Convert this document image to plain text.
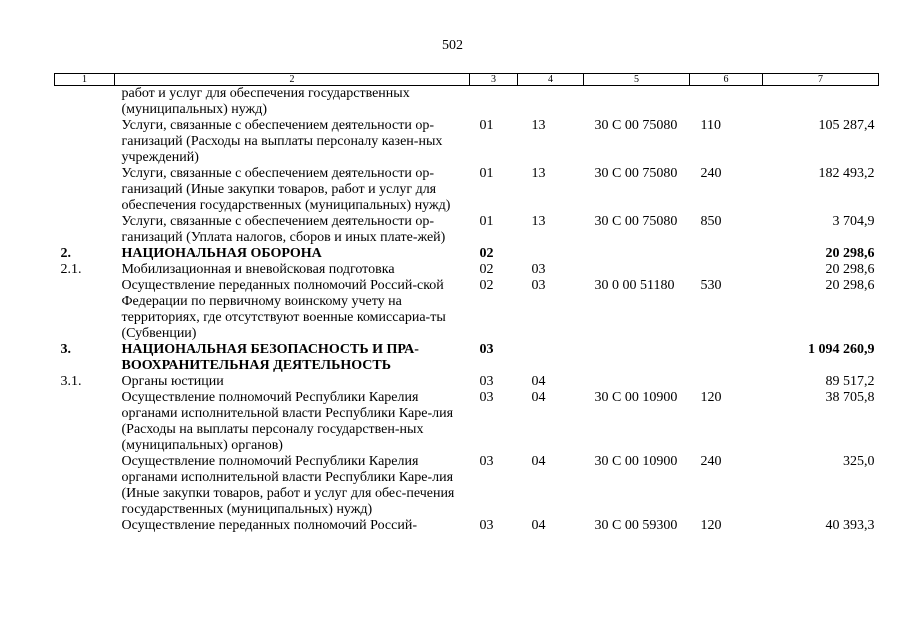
502
1	2	3	4	5	6	7
	работ и услуг для обеспечения государственных (муниципальных) нужд)					
	Услуги, связанные с обеспечением деятельности ор-ганизаций (Расходы на выплаты персоналу казен-ных учреждений)	01	13	30 С 00 75080	110	105 287,4
	Услуги, связанные с обеспечением деятельности ор-ганизаций (Иные закупки товаров, работ и услуг для обеспечения государственных (муниципальных) нужд)	01	13	30 С 00 75080	240	182 493,2
	Услуги, связанные с обеспечением деятельности ор-ганизаций (Уплата налогов, сборов и иных плате-жей)	01	13	30 С 00 75080	850	3 704,9
2.	НАЦИОНАЛЬНАЯ ОБОРОНА	02				20 298,6
2.1.	Мобилизационная и вневойсковая подготовка	02	03			20 298,6
	Осуществление переданных полномочий Россий-ской Федерации по первичному воинскому учету на территориях, где отсутствуют военные комиссариа-ты (Субвенции)	02	03	30 0 00 51180	530	20 298,6
3.	НАЦИОНАЛЬНАЯ БЕЗОПАСНОСТЬ И ПРА-ВООХРАНИТЕЛЬНАЯ ДЕЯТЕЛЬНОСТЬ	03				1 094 260,9
3.1.	Органы юстиции	03	04			89 517,2
	Осуществление полномочий Республики Карелия органами исполнительной власти Республики Каре-лия (Расходы на выплаты персоналу государствен-ных (муниципальных) органов)	03	04	30 С 00 10900	120	38 705,8
	Осуществление полномочий Республики Карелия органами исполнительной власти Республики Каре-лия (Иные закупки товаров, работ и услуг для обес-печения государственных (муниципальных) нужд)	03	04	30 С 00 10900	240	325,0
	Осуществление переданных полномочий Россий-	03	04	30 С 00 59300	120	40 393,3
